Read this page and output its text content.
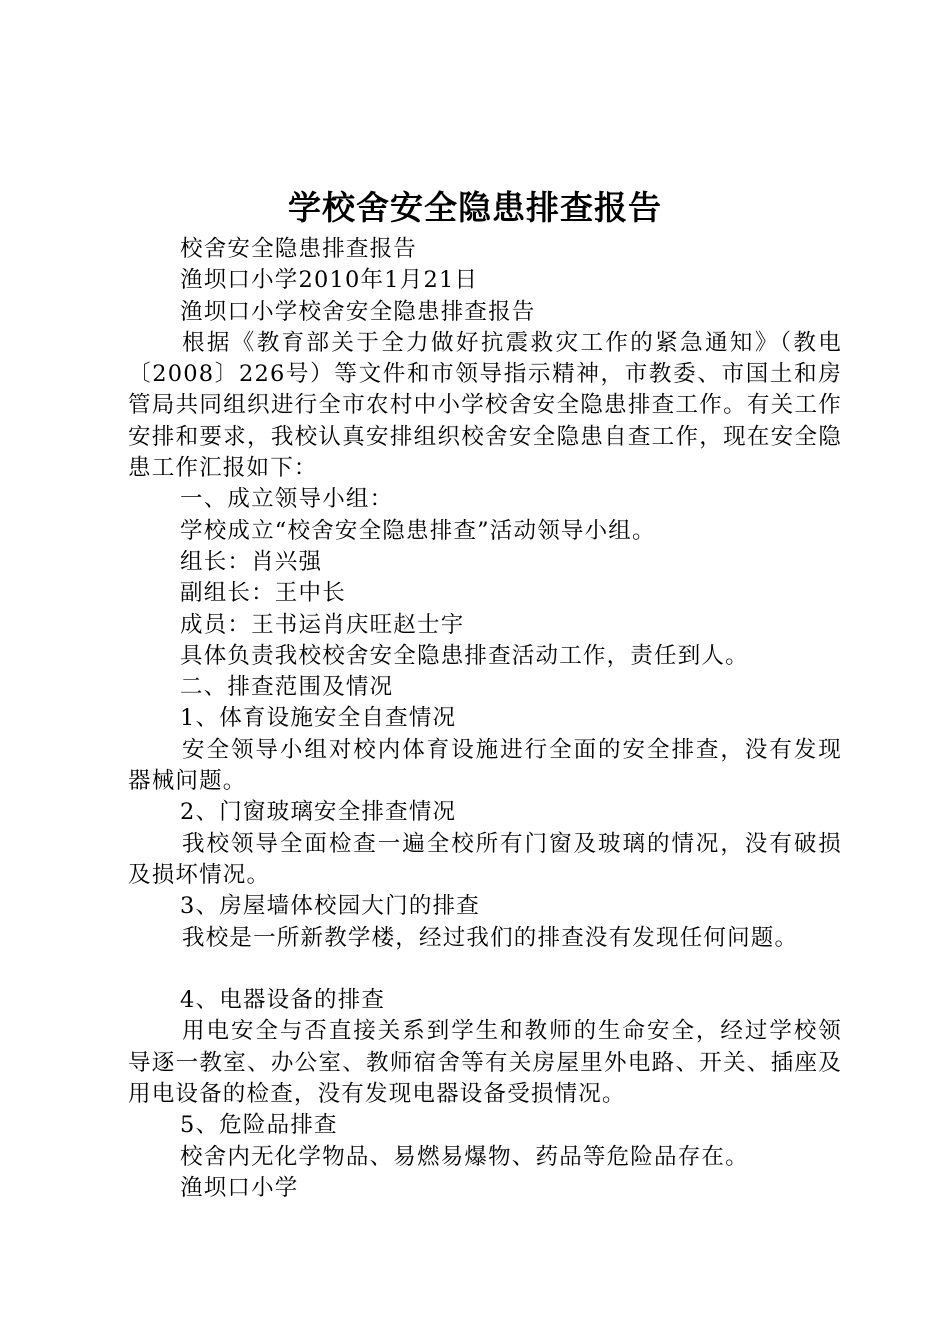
学校舍安全隐患排查报告

校舍安全隐患排查报告

渔坝口小学2010年1月21日

渔坝口小学校舍安全隐患排查报告

根据《教育部关于全力做好抗震救灾工作的紧急通知》（教电〔2008〕226号）等文件和市领导指示精神，市教委、市国土和房管局共同组织进行全市农村中小学校舍安全隐患排查工作。有关工作安排和要求，我校认真安排组织校舍安全隐患自查工作，现在安全隐患工作汇报如下：

一、成立领导小组：

学校成立“校舍安全隐患排查”活动领导小组。

组长：肖兴强

副组长：王中长

成员：王书运肖庆旺赵士宇

具体负责我校校舍安全隐患排查活动工作，责任到人。

二、排查范围及情况

1、体育设施安全自查情况

安全领导小组对校内体育设施进行全面的安全排查，没有发现器械问题。

2、门窗玻璃安全排查情况

我校领导全面检查一遍全校所有门窗及玻璃的情况，没有破损及损坏情况。

3、房屋墙体校园大门的排查

我校是一所新教学楼，经过我们的排查没有发现任何问题。

4、电器设备的排查

用电安全与否直接关系到学生和教师的生命安全，经过学校领导逐一教室、办公室、教师宿舍等有关房屋里外电路、开关、插座及用电设备的检查，没有发现电器设备受损情况。

5、危险品排查

校舍内无化学物品、易燃易爆物、药品等危险品存在。

渔坝口小学
